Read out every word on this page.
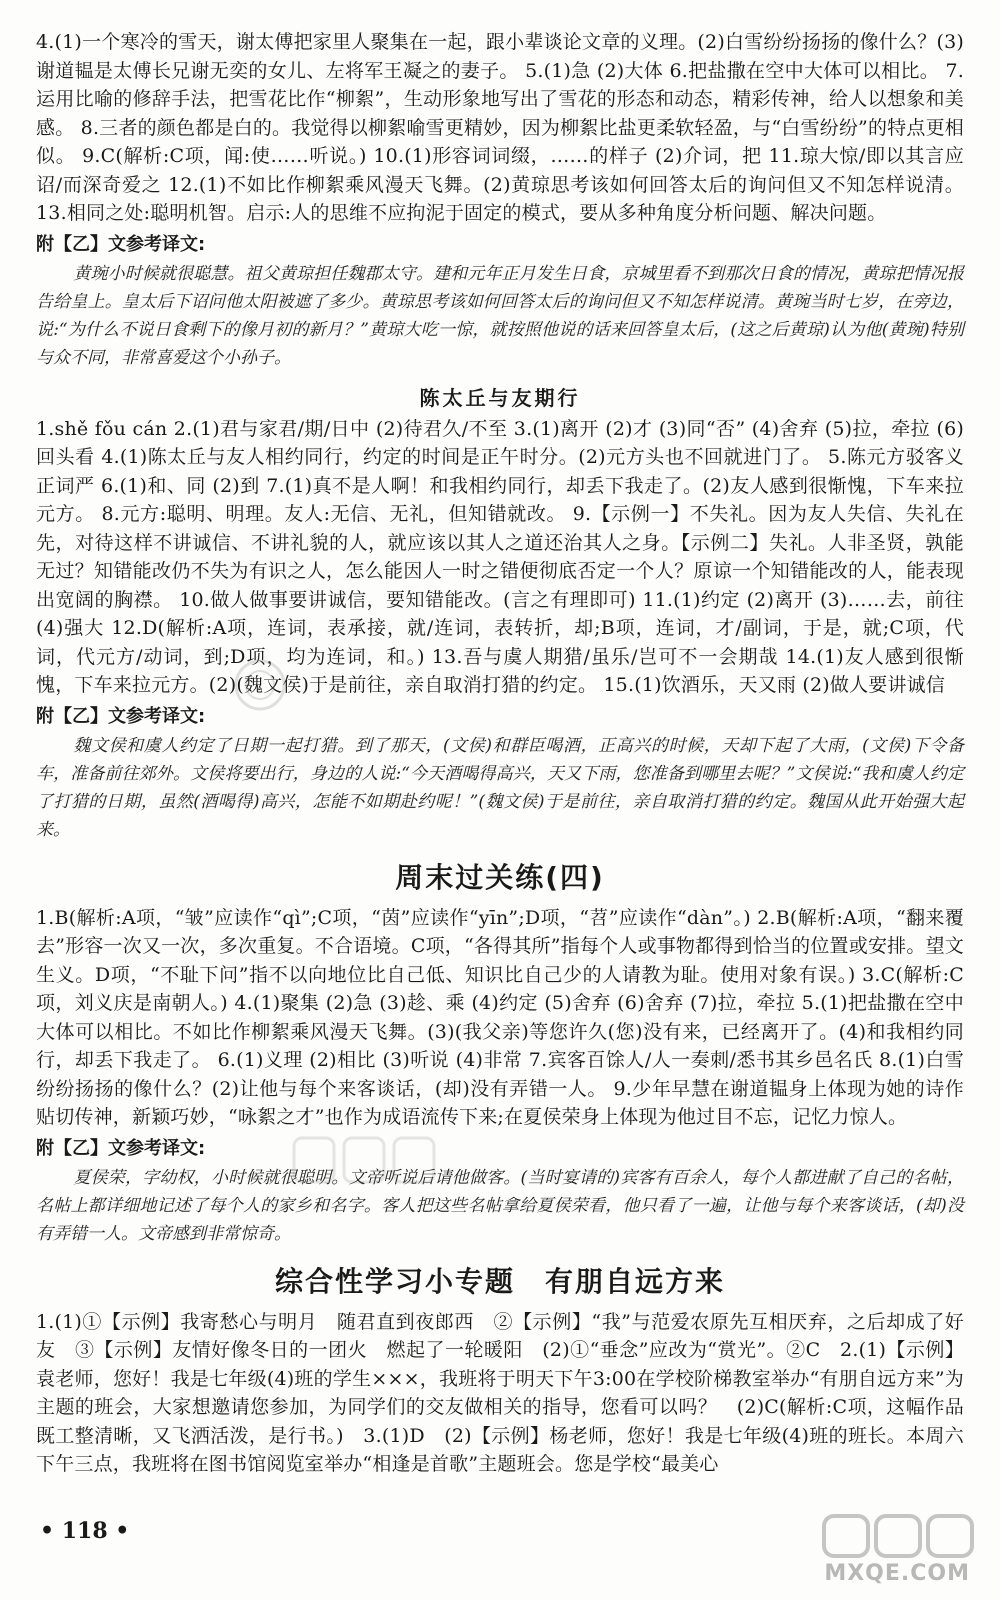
4.(1)一个寒冷的雪天，谢太傅把家里人聚集在一起，跟小辈谈论文章的义理。(2)白雪纷纷扬扬的像什么？(3)谢道韫是太傅长兄谢无奕的女儿、左将军王凝之的妻子。 5.(1)急 (2)大体 6.把盐撒在空中大体可以相比。 7.运用比喻的修辞手法，把雪花比作“柳絮”，生动形象地写出了雪花的形态和动态，精彩传神，给人以想象和美感。 8.三者的颜色都是白的。我觉得以柳絮喻雪更精妙，因为柳絮比盐更柔软轻盈，与“白雪纷纷”的特点更相似。 9.C(解析:C项，闻:使……听说。) 10.(1)形容词词缀，……的样子 (2)介词，把 11.琼大惊/即以其言应诏/而深奇爱之 12.(1)不如比作柳絮乘风漫天飞舞。(2)黄琼思考该如何回答太后的询问但又不知怎样说清。 13.相同之处:聪明机智。启示:人的思维不应拘泥于固定的模式，要从多种角度分析问题、解决问题。

附【乙】文参考译文:

黄琬小时候就很聪慧。祖父黄琼担任魏郡太守。建和元年正月发生日食，京城里看不到那次日食的情况，黄琼把情况报告给皇上。皇太后下诏问他太阳被遮了多少。黄琼思考该如何回答太后的询问但又不知怎样说清。黄琬当时七岁，在旁边，说:“为什么不说日食剩下的像月初的新月？”黄琼大吃一惊，就按照他说的话来回答皇太后，(这之后黄琼)认为他(黄琬)特别与众不同，非常喜爱这个小孙子。

陈太丘与友期行

1.shě fǒu cán 2.(1)君与家君/期/日中 (2)待君久/不至 3.(1)离开 (2)才 (3)同“否” (4)舍弃 (5)拉，牵拉 (6)回头看 4.(1)陈太丘与友人相约同行，约定的时间是正午时分。(2)元方头也不回就进门了。 5.陈元方驳客义正词严 6.(1)和、同 (2)到 7.(1)真不是人啊！和我相约同行，却丢下我走了。(2)友人感到很惭愧，下车来拉元方。 8.元方:聪明、明理。友人:无信、无礼，但知错就改。 9.【示例一】不失礼。因为友人失信、失礼在先，对待这样不讲诚信、不讲礼貌的人，就应该以其人之道还治其人之身。【示例二】失礼。人非圣贤，孰能无过？知错能改仍不失为有识之人，怎么能因人一时之错便彻底否定一个人？原谅一个知错能改的人，能表现出宽阔的胸襟。 10.做人做事要讲诚信，要知错能改。(言之有理即可) 11.(1)约定 (2)离开 (3)……去，前往 (4)强大 12.D(解析:A项，连词，表承接，就/连词，表转折，却;B项，连词，才/副词，于是，就;C项，代词，代元方/动词，到;D项，均为连词，和。) 13.吾与虞人期猎/虽乐/岂可不一会期哉 14.(1)友人感到很惭愧，下车来拉元方。(2)(魏文侯)于是前往，亲自取消打猎的约定。 15.(1)饮酒乐，天又雨 (2)做人要讲诚信

附【乙】文参考译文:

魏文侯和虞人约定了日期一起打猎。到了那天，(文侯)和群臣喝酒，正高兴的时候，天却下起了大雨，(文侯)下令备车，准备前往郊外。文侯将要出行，身边的人说:“今天酒喝得高兴，天又下雨，您准备到哪里去呢？”文侯说:“我和虞人约定了打猎的日期，虽然(酒喝得)高兴，怎能不如期赴约呢！”(魏文侯)于是前往，亲自取消打猎的约定。魏国从此开始强大起来。

周末过关练(四)

1.B(解析:A项，“皱”应读作“qì”;C项，“茵”应读作“yīn”;D项，“苕”应读作“dàn”。) 2.B(解析:A项，“翻来覆去”形容一次又一次，多次重复。不合语境。C项，“各得其所”指每个人或事物都得到恰当的位置或安排。望文生义。D项，“不耻下问”指不以向地位比自己低、知识比自己少的人请教为耻。使用对象有误。) 3.C(解析:C项，刘义庆是南朝人。) 4.(1)聚集 (2)急 (3)趁、乘 (4)约定 (5)舍弃 (6)舍弃 (7)拉，牵拉 5.(1)把盐撒在空中大体可以相比。不如比作柳絮乘风漫天飞舞。(3)(我父亲)等您许久(您)没有来，已经离开了。(4)和我相约同行，却丢下我走了。 6.(1)义理 (2)相比 (3)听说 (4)非常 7.宾客百馀人/人一奏刺/悉书其乡邑名氏 8.(1)白雪纷纷扬扬的像什么？(2)让他与每个来客谈话，(却)没有弄错一人。 9.少年早慧在谢道韫身上体现为她的诗作贴切传神，新颖巧妙，“咏絮之才”也作为成语流传下来;在夏侯荣身上体现为他过目不忘，记忆力惊人。

附【乙】文参考译文:

夏侯荣，字幼权，小时候就很聪明。文帝听说后请他做客。(当时宴请的)宾客有百余人，每个人都进献了自己的名帖，名帖上都详细地记述了每个人的家乡和名字。客人把这些名帖拿给夏侯荣看，他只看了一遍，让他与每个来客谈话，(却)没有弄错一人。文帝感到非常惊奇。

综合性学习小专题　有朋自远方来

1.(1)①【示例】我寄愁心与明月　随君直到夜郎西　②【示例】“我”与范爱农原先互相厌弃，之后却成了好友　③【示例】友情好像冬日的一团火　燃起了一轮暖阳　(2)①“垂念”应改为“赏光”。②C　2.(1)【示例】袁老师，您好！我是七年级(4)班的学生×××，我班将于明天下午3:00在学校阶梯教室举办“有朋自远方来”为主题的班会，大家想邀请您参加，为同学们的交友做相关的指导，您看可以吗？　(2)C(解析:C项，这幅作品既工整清晰，又飞洒活泼，是行书。)　3.(1)D　(2)【示例】杨老师，您好！我是七年级(4)班的班长。本周六下午三点，我班将在图书馆阅览室举办“相逢是首歌”主题班会。您是学校“最美心

• 118 •
MXQE.COM
